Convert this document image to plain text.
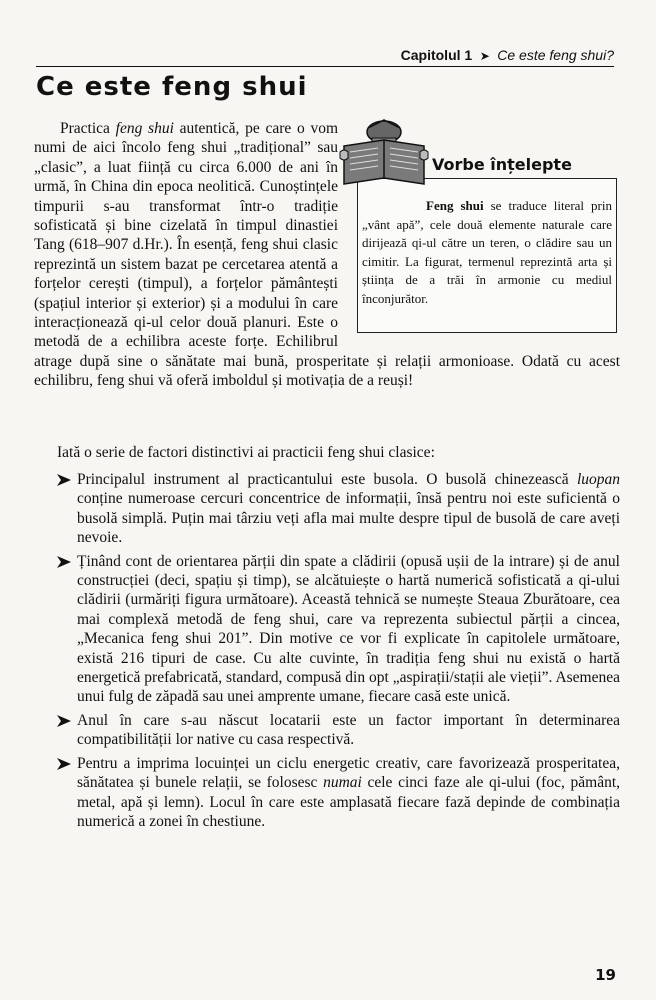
Capitolul 1 ➤ Ce este feng shui?
Ce este feng shui

Practica feng shui autentică, pe care o vom numi de aici încolo feng shui „tradițional” sau „clasic”, a luat ființă cu circa 6.000 de ani în urmă, în China din epoca neolitică. Cunoștințele timpurii s-au transformat într-o tradiție sofisticată și bine cizelată în timpul dinastiei Tang (618–907 d.Hr.). În esență, feng shui clasic reprezintă un sistem bazat pe cercetarea atentă a forțelor cerești (timpul), a forțelor pământești (spațiul interior și exterior) și a modului în care interacționează qi-ul celor două planuri. Este o metodă de a echilibra aceste forțe. Echilibrul atrage după sine o sănătate mai bună, prosperitate și relații armonioase. Odată cu acest echilibru, feng shui vă oferă imboldul și motivația de a reuși!

Vorbe înțelepte

Feng shui se traduce literal prin „vânt apă”, cele două elemente naturale care dirijează qi-ul către un teren, o clădire sau un cimitir. La figurat, termenul reprezintă arta și știința de a trăi în armonie cu mediul înconjurător.

Iată o serie de factori distinctivi ai practicii feng shui clasice:

Principalul instrument al practicantului este busola. O busolă chinezească luopan conține numeroase cercuri concentrice de informații, însă pentru noi este suficientă o busolă simplă. Puțin mai târziu veți afla mai multe despre tipul de busolă de care aveți nevoie.
Ținând cont de orientarea părții din spate a clădirii (opusă ușii de la intrare) și de anul construcției (deci, spațiu și timp), se alcătuiește o hartă numerică sofisticată a qi-ului clădirii (urmăriți figura următoare). Această tehnică se numește Steaua Zburătoare, cea mai complexă metodă de feng shui, care va reprezenta subiectul părții a cincea, „Mecanica feng shui 201”. Din motive ce vor fi explicate în capitolele următoare, există 216 tipuri de case. Cu alte cuvinte, în tradiția feng shui nu există o hartă energetică prefabricată, standard, compusă din opt „aspirații/stații ale vieții”. Asemenea unui fulg de zăpadă sau unei amprente umane, fiecare casă este unică.
Anul în care s-au născut locatarii este un factor important în determinarea compatibilității lor native cu casa respectivă.
Pentru a imprima locuinței un ciclu energetic creativ, care favorizează prosperitatea, sănătatea și bunele relații, se folosesc numai cele cinci faze ale qi-ului (foc, pământ, metal, apă și lemn). Locul în care este amplasată fiecare fază depinde de combinația numerică a zonei în chestiune.
19
